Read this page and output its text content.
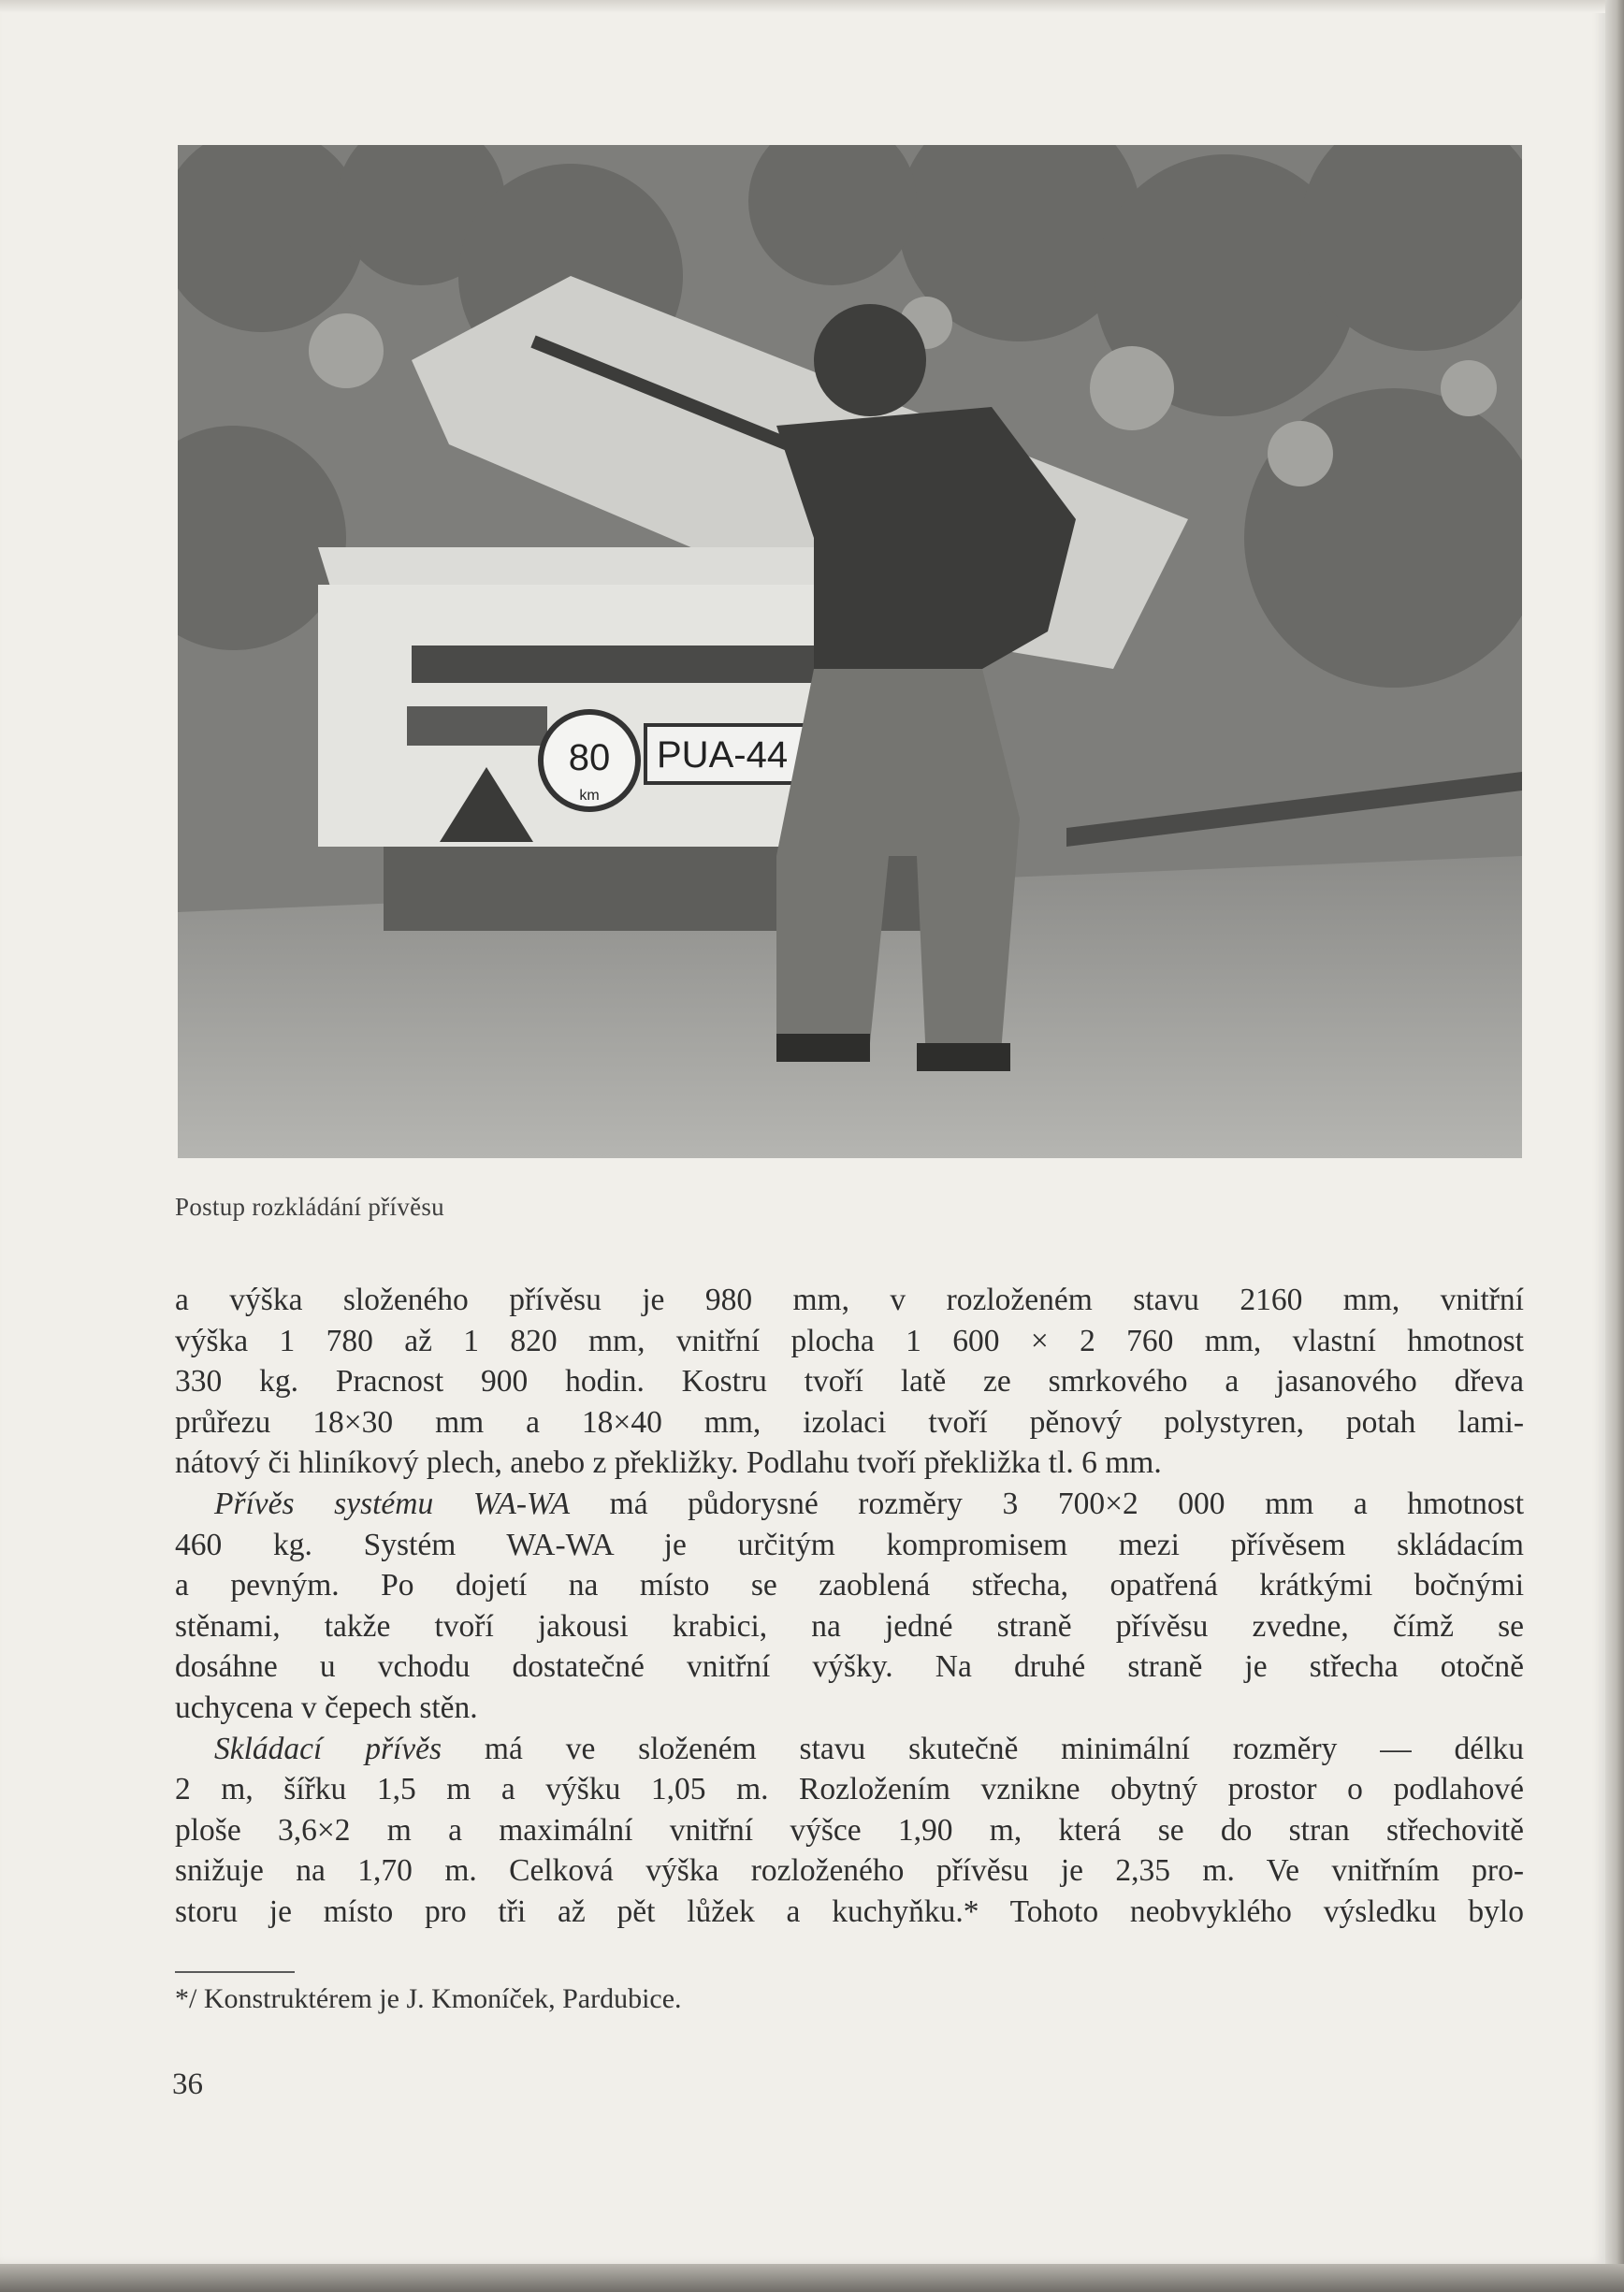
80
km
PUA-44
Postup rozkládání přívěsu
a výška složeného přívěsu je 980 mm, v rozloženém stavu 2160 mm, vnitřní
výška 1 780 až 1 820 mm, vnitřní plocha 1 600 × 2 760 mm, vlastní hmotnost
330 kg. Pracnost 900 hodin. Kostru tvoří latě ze smrkového a jasanového dřeva
průřezu 18×30 mm a 18×40 mm, izolaci tvoří pěnový polystyren, potah lami-
nátový či hliníkový plech, anebo z překližky. Podlahu tvoří překližka tl. 6 mm.
Přívěs systému WA-WA má půdorysné rozměry 3 700×2 000 mm a hmotnost
460 kg. Systém WA-WA je určitým kompromisem mezi přívěsem skládacím
a pevným. Po dojetí na místo se zaoblená střecha, opatřená krátkými bočnými
stěnami, takže tvoří jakousi krabici, na jedné straně přívěsu zvedne, čímž se
dosáhne u vchodu dostatečné vnitřní výšky. Na druhé straně je střecha otočně
uchycena v čepech stěn.
Skládací přívěs má ve složeném stavu skutečně minimální rozměry — délku
2 m, šířku 1,5 m a výšku 1,05 m. Rozložením vznikne obytný prostor o podlahové
ploše 3,6×2 m a maximální vnitřní výšce 1,90 m, která se do stran střechovitě
snižuje na 1,70 m. Celková výška rozloženého přívěsu je 2,35 m. Ve vnitřním pro-
storu je místo pro tři až pět lůžek a kuchyňku.* Tohoto neobvyklého výsledku bylo
*/ Konstruktérem je J. Kmoníček, Pardubice.
36
